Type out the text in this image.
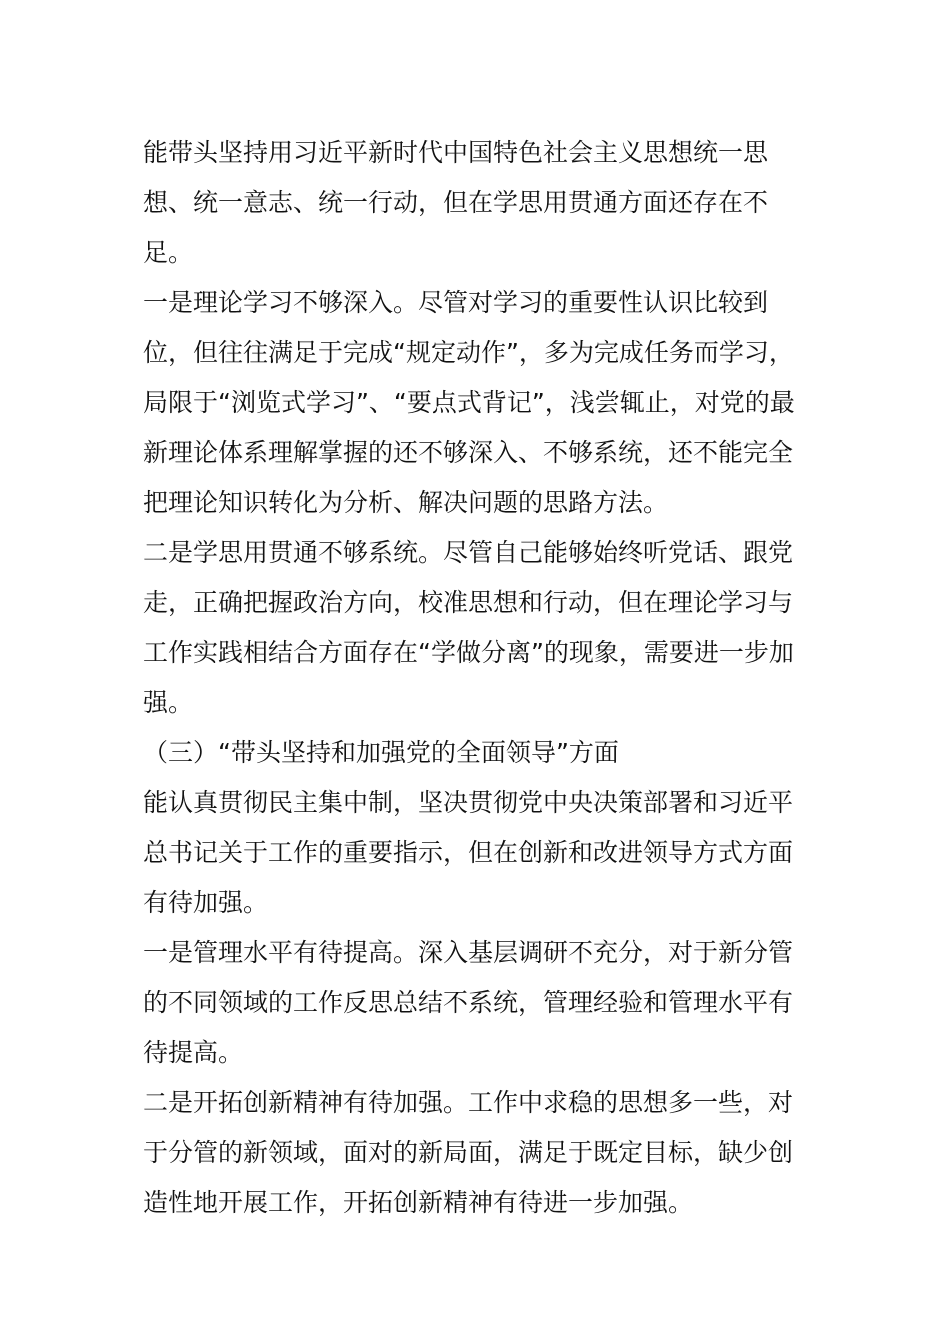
能带头坚持用习近平新时代中国特色社会主义思想统一思想、统一意志、统一行动，但在学思用贯通方面还存在不足。

一是理论学习不够深入。尽管对学习的重要性认识比较到位，但往往满足于完成“规定动作”，多为完成任务而学习，局限于“浏览式学习”、“要点式背记”，浅尝辄止，对党的最新理论体系理解掌握的还不够深入、不够系统，还不能完全把理论知识转化为分析、解决问题的思路方法。

二是学思用贯通不够系统。尽管自己能够始终听党话、跟党走，正确把握政治方向，校准思想和行动，但在理论学习与工作实践相结合方面存在“学做分离”的现象，需要进一步加强。

（三）“带头坚持和加强党的全面领导”方面

能认真贯彻民主集中制，坚决贯彻党中央决策部署和习近平总书记关于工作的重要指示，但在创新和改进领导方式方面有待加强。

一是管理水平有待提高。深入基层调研不充分，对于新分管的不同领域的工作反思总结不系统，管理经验和管理水平有待提高。

二是开拓创新精神有待加强。工作中求稳的思想多一些，对于分管的新领域，面对的新局面，满足于既定目标，缺少创造性地开展工作，开拓创新精神有待进一步加强。
